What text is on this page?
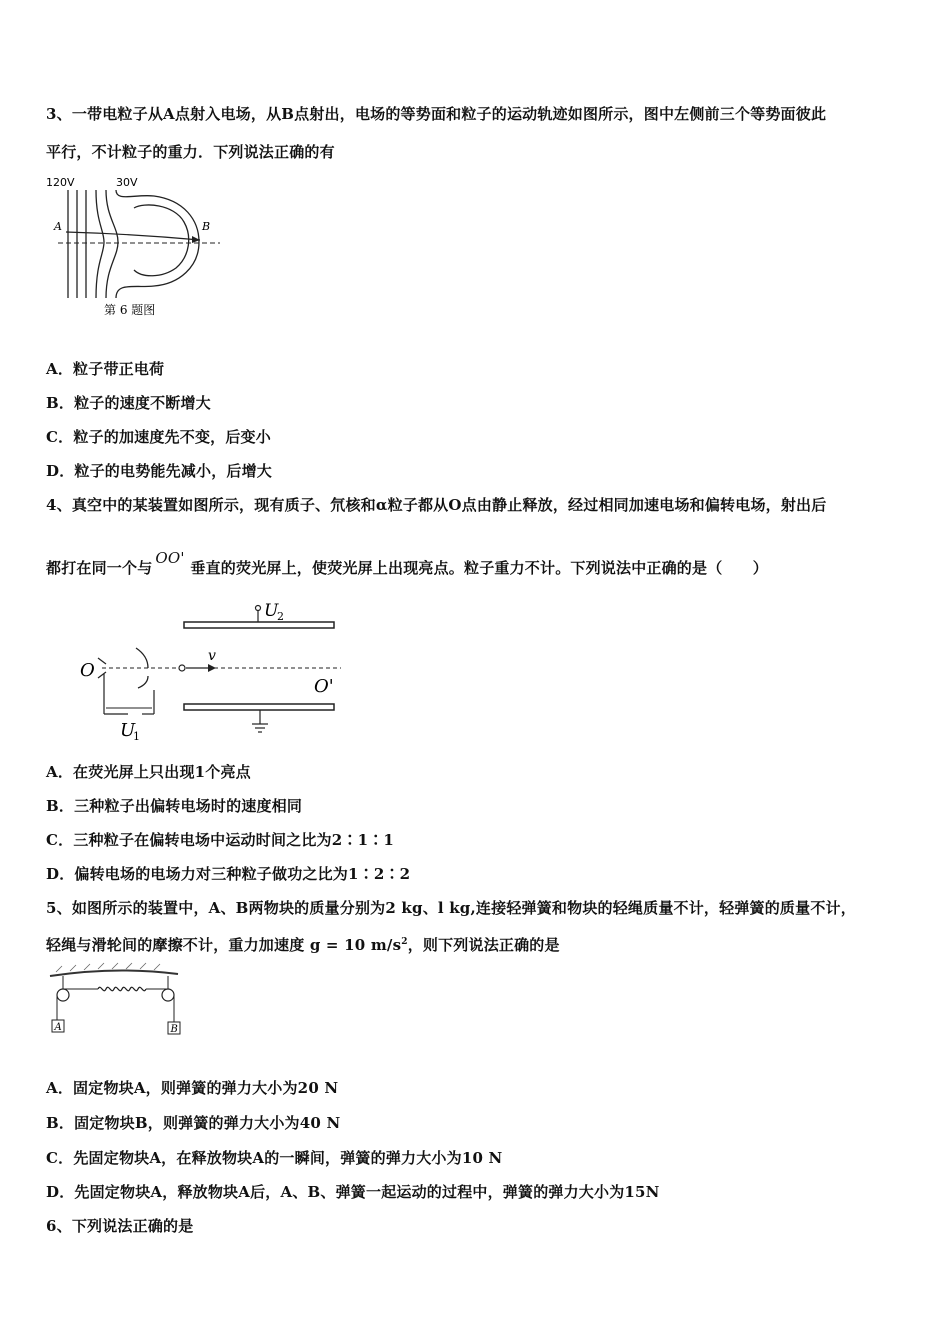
3、一带电粒子从A点射入电场，从B点射出，电场的等势面和粒子的运动轨迹如图所示，图中左侧前三个等势面彼此
平行，不计粒子的重力．下列说法正确的有
120V	30V
A	B
第 6 题图
A．粒子带正电荷
B．粒子的速度不断增大
C．粒子的加速度先不变，后变小
D．粒子的电势能先减小，后增大
4、真空中的某装置如图所示，现有质子、氘核和α粒子都从O点由静止释放，经过相同加速电场和偏转电场，射出后
都打在同一个与
OO'
垂直的荧光屏上，使荧光屏上出现亮点。粒子重力不计。下列说法中正确的是（　　）
U
2
O
v
O'
U
1
A．在荧光屏上只出现1个亮点
B．三种粒子出偏转电场时的速度相同
C．三种粒子在偏转电场中运动时间之比为2∶1∶1
D．偏转电场的电场力对三种粒子做功之比为1∶2∶2
5、如图所示的装置中，A、B两物块的质量分别为2 kg、l kg,连接轻弹簧和物块的轻绳质量不计，轻弹簧的质量不计，
轻绳与滑轮间的摩擦不计，重力加速度 g = 10 $m/s^2$，则下列说法正确的是
A	B
A．固定物块A，则弹簧的弹力大小为20 N
B．固定物块B，则弹簧的弹力大小为40 N
C．先固定物块A，在释放物块A的一瞬间，弹簧的弹力大小为10 N
D．先固定物块A，释放物块A后，A、B、弹簧一起运动的过程中，弹簧的弹力大小为15N
6、下列说法正确的是
